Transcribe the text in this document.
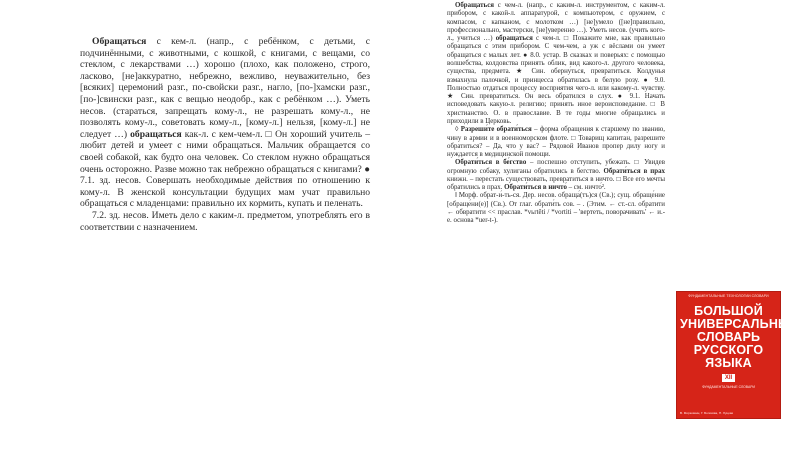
Обращаться с кем-л. (напр., с ребёнком, с детьми, с подчинёнными, с животными, с кошкой, с книгами, с вещами, со стеклом, с лекарствами …) хорошо (плохо, как положено, строго, ласково, [не]аккуратно, небрежно, вежливо, неуважительно, без [всяких] церемоний разг., по-свойски разг., нагло, [по-]хамски разг., [по-]свински разг., как с вещью неодобр., как с ребёнком …). Уметь несов. (стараться, запрещать кому-л., не разрешать кому-л., не позволять кому-л., советовать кому-л., [кому-л.] нельзя, [кому-л.] не следует …) обращаться как-л. с кем-чем-л. □ Он хороший учитель – любит детей и умеет с ними обращаться. Мальчик обращается со своей собакой, как будто она человек. Со стеклом нужно обращаться очень осторожно. Разве можно так небрежно обращаться с книгами? ● 7.1. зд. несов. Совершать необходимые действия по отношению к кому-л. В женской консультации будущих мам учат правильно обращаться с младенцами: правильно их кормить, купать и пеленать.

7.2. зд. несов. Иметь дело с каким-л. предметом, употреблять его в соответствии с назначением.

Обращаться с чем-л. (напр., с каким-л. инструментом, с каким-л. прибором, с какой-л. аппаратурой, с компьютером, с оружием, с компасом, с капканом, с молотком …) [не]умело ([не]правильно, профессионально, мастерски, [не]уверенно …). Уметь несов. (учить кого-л., учиться …) обращаться с чем-л. □ Покажите мне, как правильно обращаться с этим прибором. С чем-чем, а уж с вёслами он умеет обращаться с малых лет. ● 8.0. устар. В сказках и поверьях: с помощью волшебства, колдовства принять облик, вид какого-л. другого человека, существа, предмета. ★ Син. оберну́ться, превратиться. Колдунья взмахнула палочкой, и принцесса обратилась в белую розу. ● 9.0. Полностью отдаться процессу восприятия чего-л. или какому-л. чувству. ★ Син. превратиться. Он весь обратился в слух. ● 9.1. Начать исповедовать какую-л. религию; принять иное вероисповедание. □ В христианство. О. в православие. В те годы многие обращались и приходили в Церковь.

◊ Разреши́те обрати́ться – форма обращения к старшему по званию, чину в армии и в военноморском флоте. □ Товарищ капитан, разрешите обратиться? – Да, что у вас? – Рядовой Иванов пропер дилу ногу и нуждается в медицинской помощи.

Обрати́ться в бе́гство – поспешно отступить, убежать. □ Увидев огромную собаку, хулиганы обратились в бегство. Обрати́ться в прах книжн. – перестать существовать, превратиться в ничто. □ Все его мечты обратились в прах. Обрати́ться в ничто́ – см. ничто́².

‖ Морф. обрат-и́-ть-ся. Дер. несов. обраща́(тъ)ся (Св.); сущ. обраще́ние [обраще́ни(е)] (Св.). От глаг. обрати́ть сов. – . (Этим. ← ст.-сл. обратити ← обвратити << праслав. *vьrtěti / *vortiti – 'вертеть, поворачивать' ← и.-е. основа *uer-t-).

ФУНДАМЕНТАЛЬНЫЕ ТЕХНОЛОГИИ СЛОВАРИ
БОЛЬШОЙ УНИВЕРСАЛЬНЫЙ СЛОВАРЬ РУССКОГО ЯЗЫКА
XII
ФУНДАМЕНТАЛЬНЫЕ СЛОВАРИ
В. Морковкин, Г. Богачёва, Н. Луцкая
